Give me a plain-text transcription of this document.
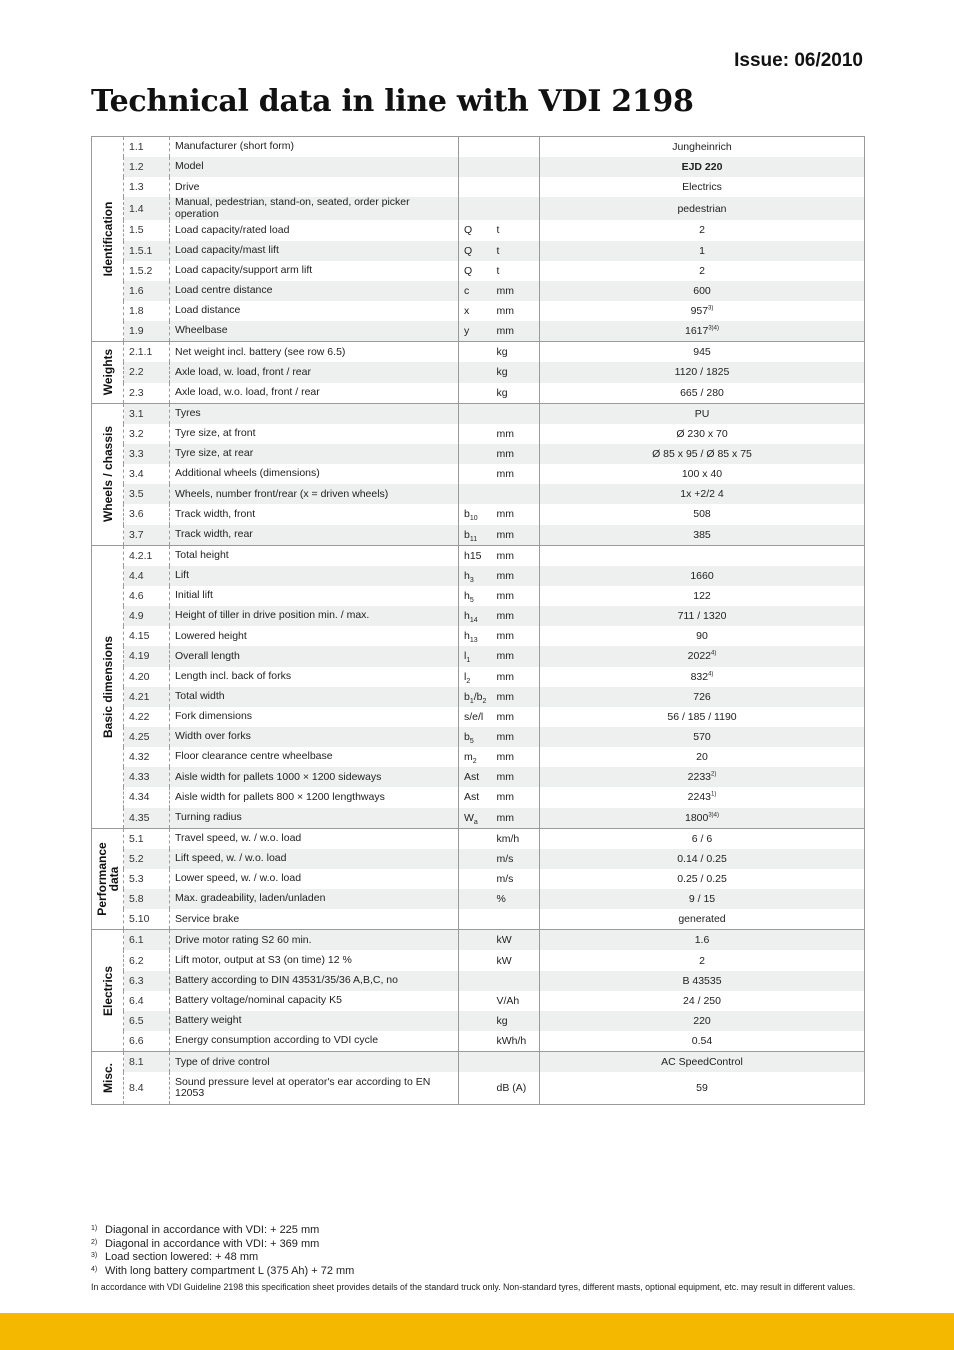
Issue: 06/2010
Technical data in line with VDI 2198
Identification	1.1	Manufacturer (short form)			Jungheinrich
	1.2	Model			EJD 220
	1.3	Drive			Electrics
	1.4	Manual, pedestrian, stand-on, seated, order picker operation			pedestrian
	1.5	Load capacity/rated load	Q	t	2
	1.5.1	Load capacity/mast lift	Q	t	1
	1.5.2	Load capacity/support arm lift	Q	t	2
	1.6	Load centre distance	c	mm	600
	1.8	Load distance	x	mm	957$^{3)}$
	1.9	Wheelbase	y	mm	$1617^{3)4)}$

Weights	2.1.1	Net weight incl. battery (see row 6.5)		kg	945
	2.2	Axle load, w. load, front / rear		kg	1120 / 1825
	2.3	Axle load, w.o. load, front / rear		kg	665 / 280

Wheels / chassis	3.1	Tyres			PU
	3.2	Tyre size, at front		mm	Ø 230 x 70
	3.3	Tyre size, at rear		mm	Ø 85 x 95 / Ø 85 x 75
	3.4	Additional wheels (dimensions)		mm	100 x 40
	3.5	Wheels, number front/rear (x = driven wheels)			1x +2/2 4
	3.6	Track width, front	$b_{10}$	mm	508
	3.7	Track width, rear	$b_{11}$	mm	385

Basic dimensions	4.2.1	Total height	h15	mm	
	4.4	Lift	$h_3$	mm	1660
	4.6	Initial lift	$h_5$	mm	122
	4.9	Height of tiller in drive position min. / max.	$h_{14}$	mm	711 / 1320
	4.15	Lowered height	$h_{13}$	mm	90
	4.19	Overall length	$l_1$	mm	2022$^{4)}$
	4.20	Length incl. back of forks	$l_2$	mm	832$^{4)}$
	4.21	Total width	$b_1/b_2$	mm	726
	4.22	Fork dimensions	s/e/l	mm	56 / 185 / 1190
	4.25	Width over forks	$b_5$	mm	570
	4.32	Floor clearance centre wheelbase	$m_2$	mm	20
	4.33	Aisle width for pallets 1000 × 1200 sideways	Ast	mm	2233$^{2)}$
	4.34	Aisle width for pallets 800 × 1200 lengthways	Ast	mm	2243$^{1)}$
	4.35	Turning radius	$W_a$	mm	$1800^{3)4)}$

Performance
data	5.1	Travel speed, w. / w.o. load		km/h	6 / 6
	5.2	Lift speed, w. / w.o. load		m/s	0.14 / 0.25
	5.3	Lower speed, w. / w.o. load		m/s	0.25 / 0.25
	5.8	Max. gradeability, laden/unladen		%	9 / 15
	5.10	Service brake			generated

Electrics	6.1	Drive motor rating S2 60 min.		kW	1.6
	6.2	Lift motor, output at S3 (on time) 12 %		kW	2
	6.3	Battery according to DIN 43531/35/36 A,B,C, no			B 43535
	6.4	Battery voltage/nominal capacity K5		V/Ah	24 / 250
	6.5	Battery weight		kg	220
	6.6	Energy consumption according to VDI cycle		kWh/h	0.54

Misc.	8.1	Type of drive control			AC SpeedControl
	8.4	Sound pressure level at operator's ear according to EN 12053		dB (A)	59
1) Diagonal in accordance with VDI: + 225 mm
2) Diagonal in accordance with VDI: + 369 mm
3) Load section lowered: + 48 mm
4) With long battery compartment L (375 Ah) + 72 mm
In accordance with VDI Guideline 2198 this specification sheet provides details of the standard truck only. Non-standard tyres, different masts, optional equipment, etc. may result in different values.
